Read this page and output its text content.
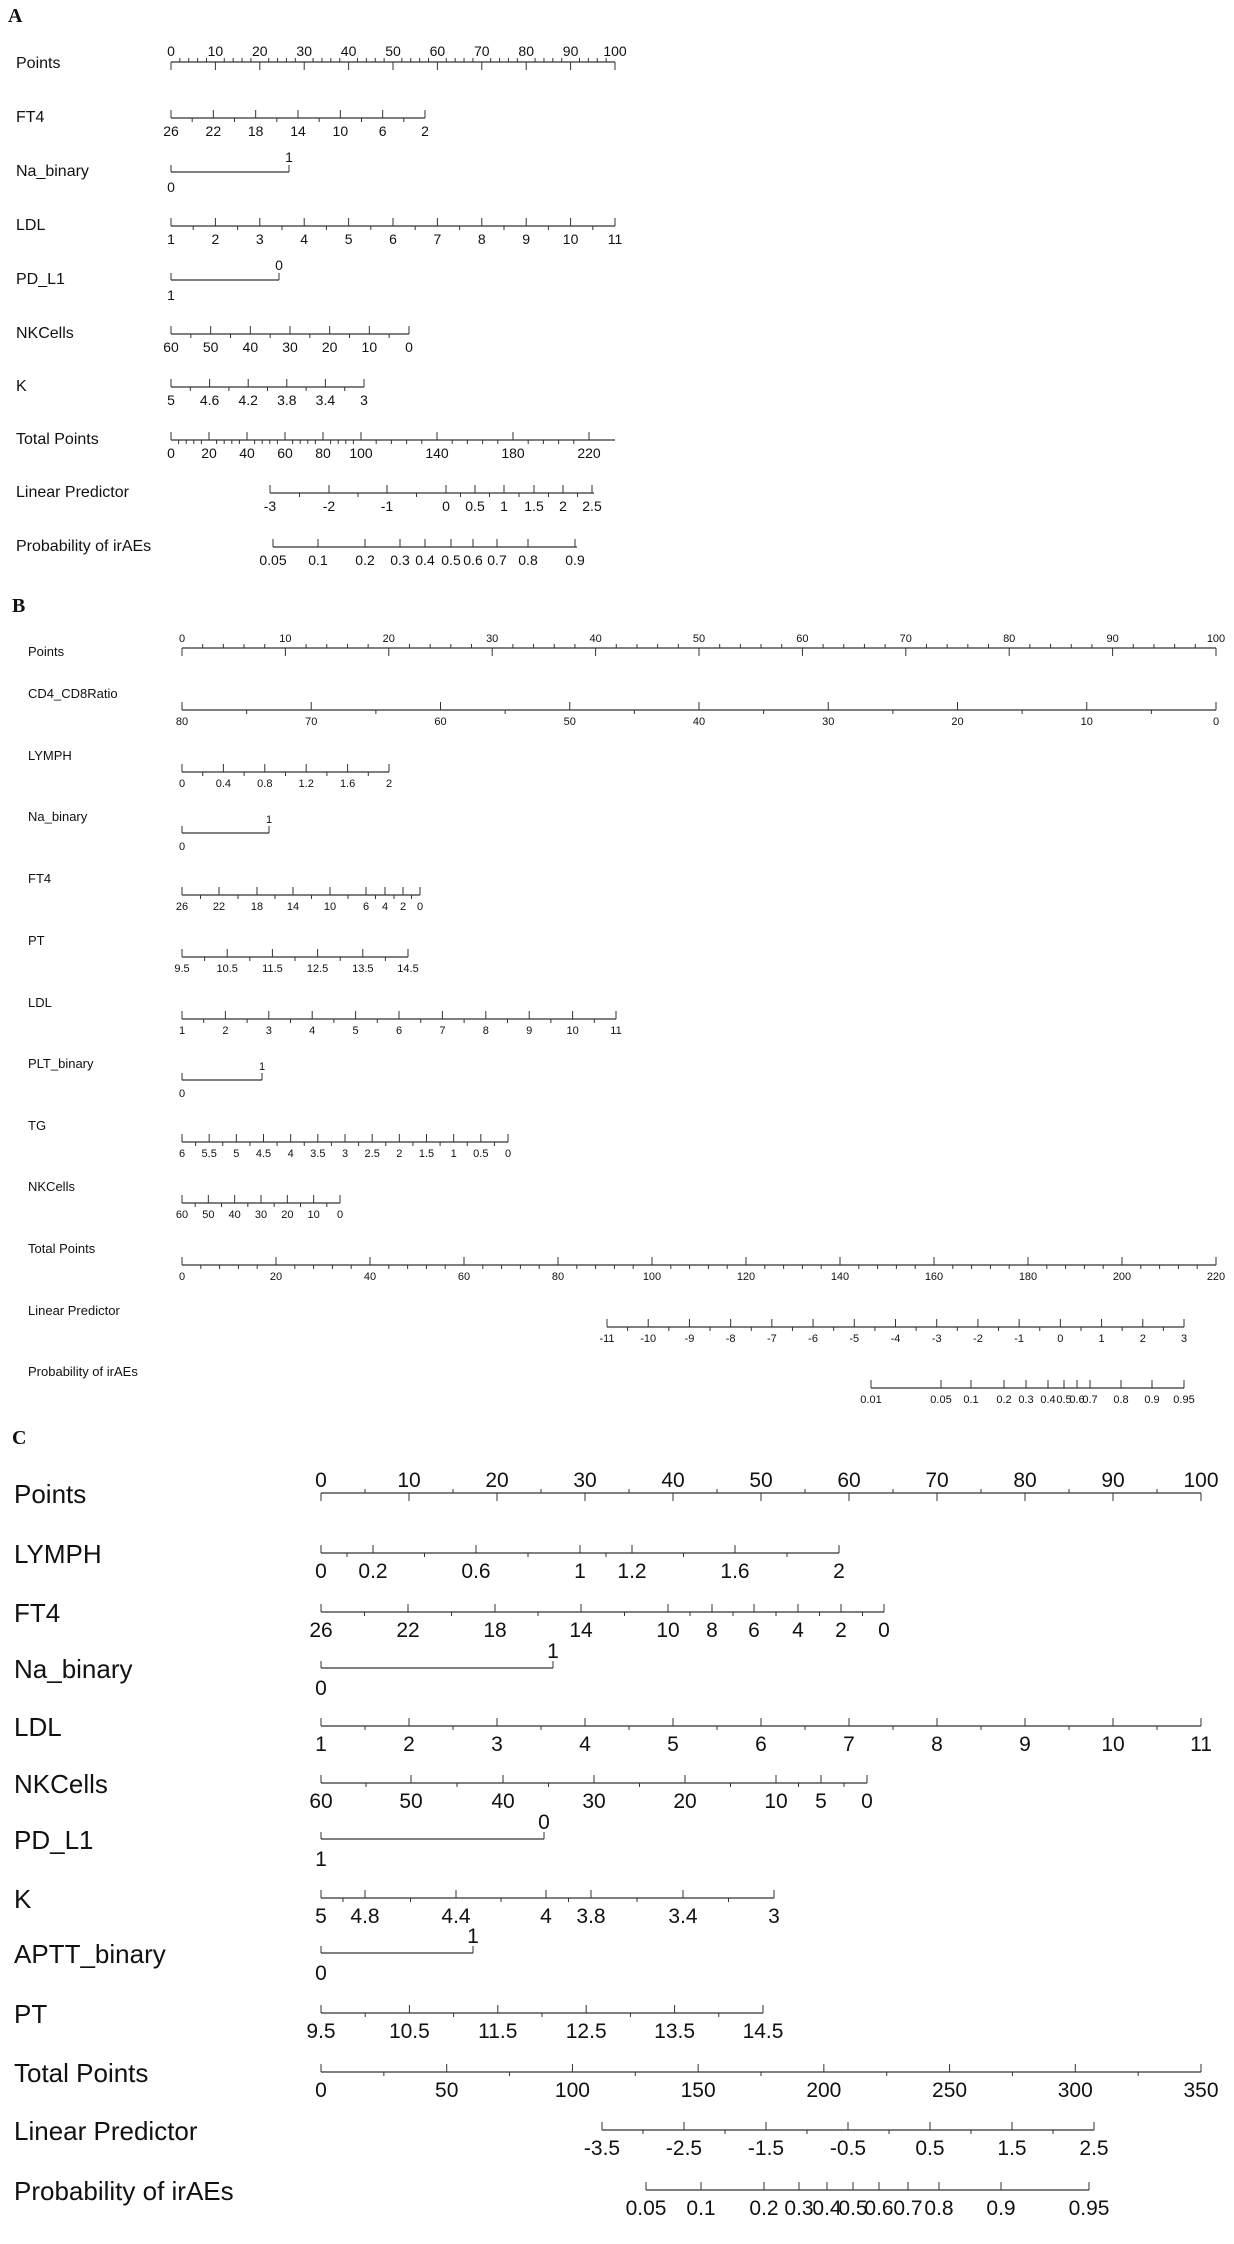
A
Points
0 10 20 30 40 50 60 70 80 90 100
FT4
26 22 18 14 10 6 2
Na_binary
0
1
LDL
1	2	3	4	5	6	7	8	9 10 11
PD_L1
1
0
NKCells
60 50 40 30 20 10 0
K
5 4.6 4.2 3.8 3.4 3
Total Points
0 20 40 60 80 100	140	180	220
Linear Predictor
-3	-2	-1	0 0.5 1 1.5 2 2.5
Probability of irAEs
0.05 0.1 0.2 0.3 0.4 0.5 0.6 0.7 0.8 0.9
B
Points
0	10	20	30	40	50	60	70	80	90	100
CD4_CD8Ratio
80	70	60	50	40	30	20	10	0
LYMPH
0	0.4 0.8 1.2 1.6	2
Na_binary
0
1
FT4
26 22 18 14 10 6 4 2 0
PT
9.5 10.5 11.5 12.5 13.5 14.5
LDL
1	2	3	4	5	6	7	8	9	10	11
PLT_binary
0
1
TG
6 5.5 5 4.5 4 3.5 3 2.5 2 1.5 1 0.5 0
NKCells
60 50 40 30 20 10 0
Total Points
0	20	40	60	80	100	120	140	160	180	200	220
Linear Predictor
-11 -10	-9	-8	-7	-6	-5	-4	-3	-2	-1	0	1	2	3
Probability of irAEs
0.01	0.05 0.1 0.2 0.3 0.4 0.5
0.6
0.7 0.8 0.9 0.95
C
Points	0	10	20	30	40	50	60	70	80	90	100
LYMPH
0 0.2	0.6	1 1.2	1.6	2
FT4
26	22	18	14	10 8 6 4 2 0
Na_binary
0
1
LDL
1	2	3	4	5	6	7	8	9	10	11
NKCells
60	50	40	30	20	10 5 0
PD_L1
1
0
K
5 4.8	4.4	4 3.8	3.4	3
APTT_binary
0
1
PT
9.5	10.5 11.5 12.5 13.5 14.5
Total Points
0	50	100	150	200	250	300	350
Linear Predictor
-3.5 -2.5 -1.5 -0.5 0.5	1.5	2.5
Probability of irAEs
0.05 0.1 0.2 0.3
0.4
0.5
0.6 0.7 0.8 0.9	0.95
